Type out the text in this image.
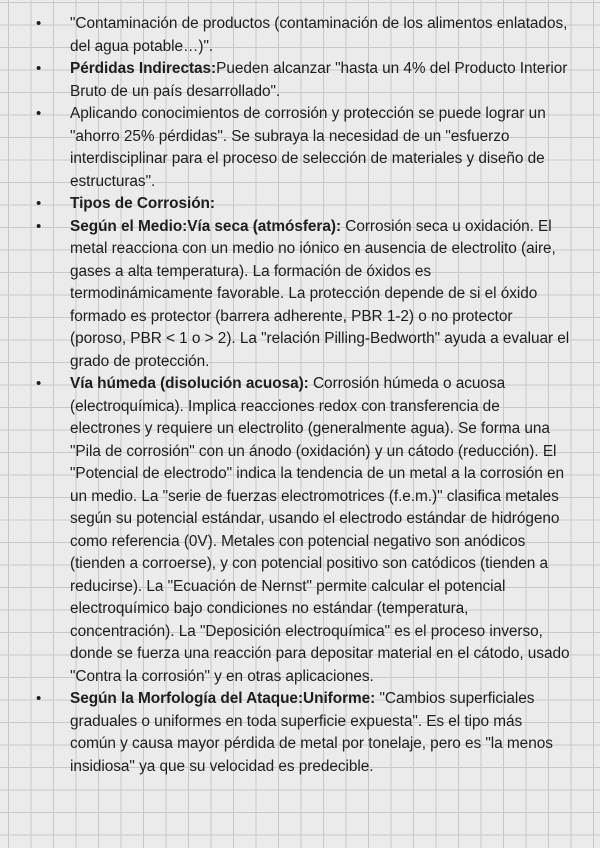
• "Contaminación de productos (contaminación de los alimentos enlatados, del agua potable…)".
• Pérdidas Indirectas:Pueden alcanzar "hasta un 4% del Producto Interior Bruto de un país desarrollado".
• Aplicando conocimientos de corrosión y protección se puede lograr un "ahorro 25% pérdidas". Se subraya la necesidad de un "esfuerzo interdisciplinar para el proceso de selección de materiales y diseño de estructuras".
• Tipos de Corrosión:
• Según el Medio:Vía seca (atmósfera): Corrosión seca u oxidación. El metal reacciona con un medio no iónico en ausencia de electrolito (aire, gases a alta temperatura). La formación de óxidos es termodinámicamente favorable. La protección depende de si el óxido formado es protector (barrera adherente, PBR 1-2) o no protector (poroso, PBR < 1 o > 2). La "relación Pilling-Bedworth" ayuda a evaluar el grado de protección.
• Vía húmeda (disolución acuosa): Corrosión húmeda o acuosa (electroquímica). Implica reacciones redox con transferencia de electrones y requiere un electrolito (generalmente agua). Se forma una "Pila de corrosión" con un ánodo (oxidación) y un cátodo (reducción). El "Potencial de electrodo" indica la tendencia de un metal a la corrosión en un medio. La "serie de fuerzas electromotrices (f.e.m.)" clasifica metales según su potencial estándar, usando el electrodo estándar de hidrógeno como referencia (0V). Metales con potencial negativo son anódicos (tienden a corroerse), y con potencial positivo son catódicos (tienden a reducirse). La "Ecuación de Nernst" permite calcular el potencial electroquímico bajo condiciones no estándar (temperatura, concentración). La "Deposición electroquímica" es el proceso inverso, donde se fuerza una reacción para depositar material en el cátodo, usado "Contra la corrosión" y en otras aplicaciones.
• Según la Morfología del Ataque:Uniforme: "Cambios superficiales graduales o uniformes en toda superficie expuesta". Es el tipo más común y causa mayor pérdida de metal por tonelaje, pero es "la menos insidiosa" ya que su velocidad es predecible.
